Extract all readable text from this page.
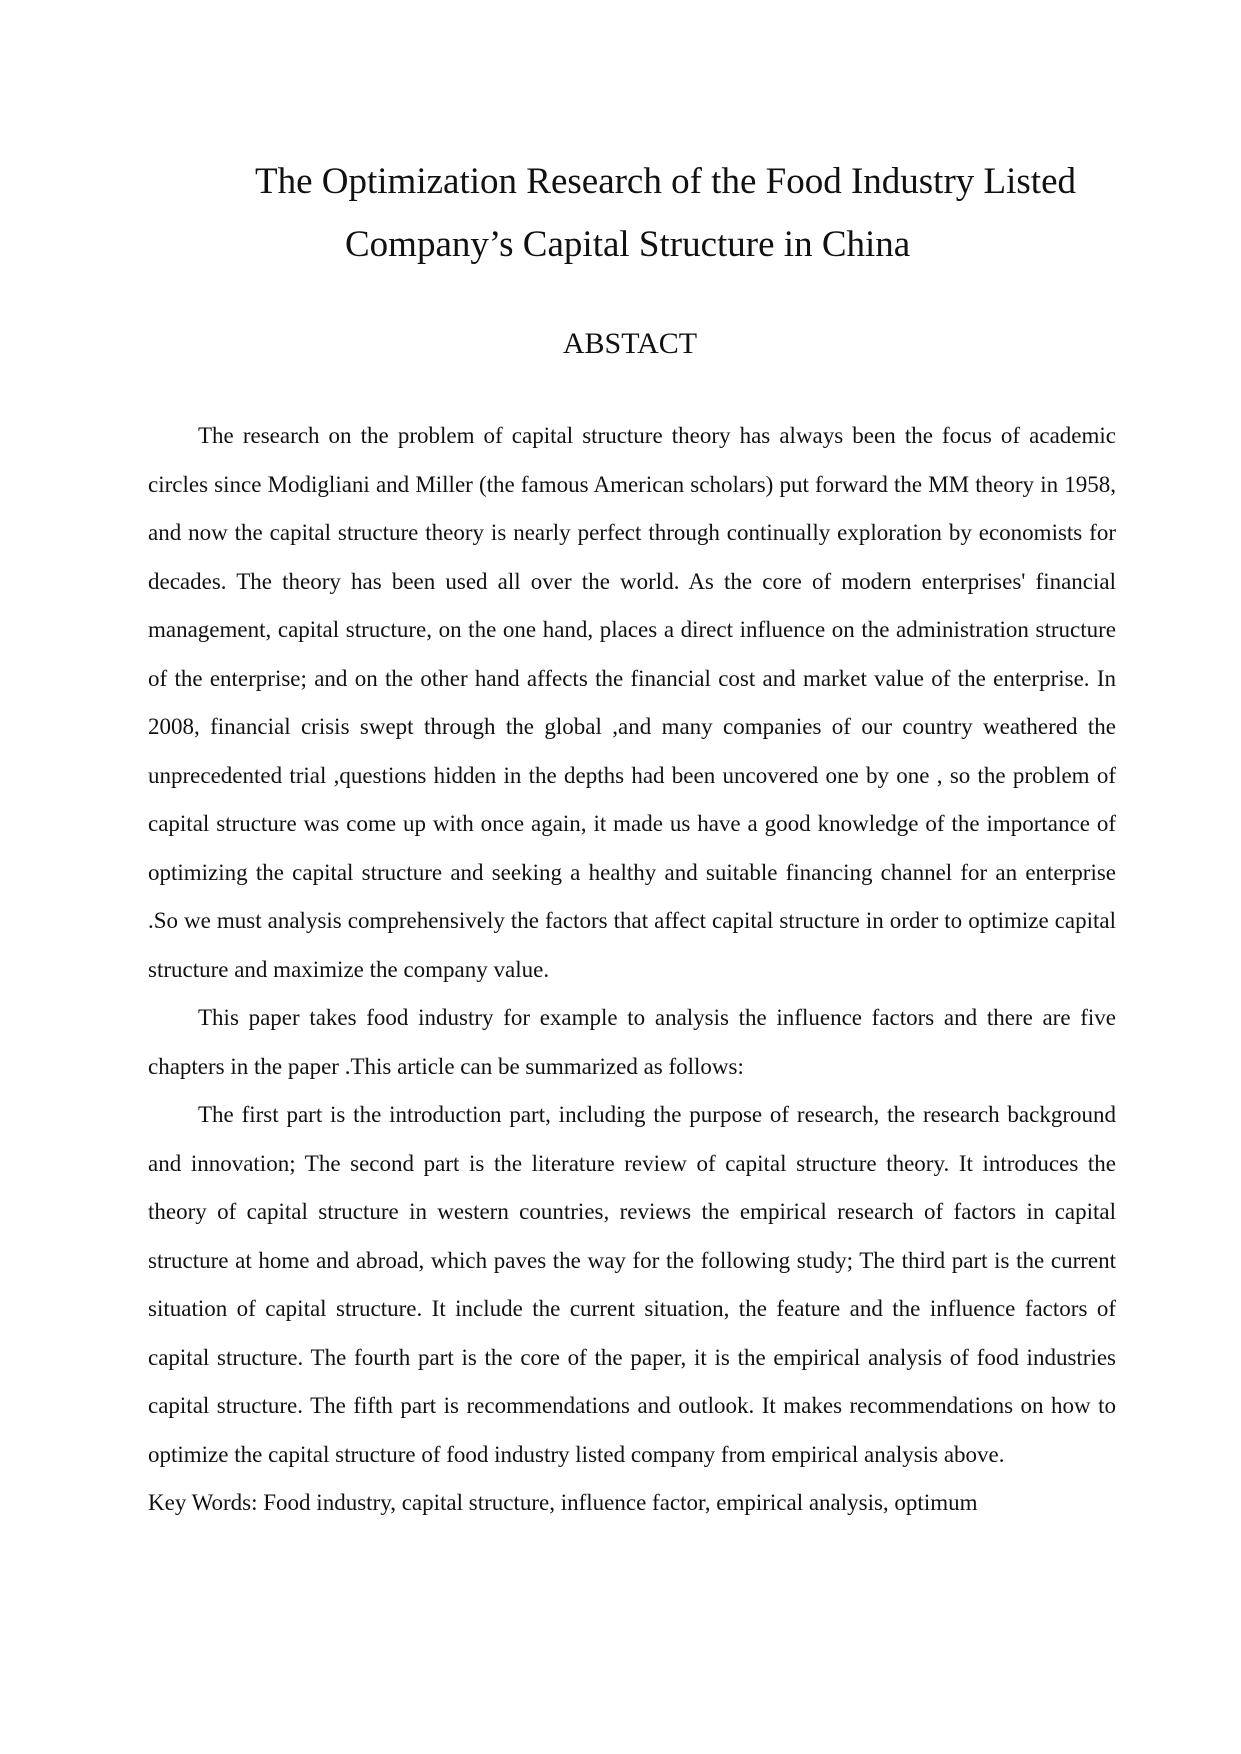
The Optimization Research of the Food Industry Listed
Company’s Capital Structure in China
ABSTACT

The research on the problem of capital structure theory has always been the focus of academic circles since Modigliani and Miller (the famous American scholars) put forward the MM theory in 1958, and now the capital structure theory is nearly perfect through continually exploration by economists for decades. The theory has been used all over the world. As the core of modern enterprises' financial management, capital structure, on the one hand, places a direct influence on the administration structure of the enterprise; and on the other hand affects the financial cost and market value of the enterprise. In 2008, financial crisis swept through the global ,and many companies of our country weathered the unprecedented trial ,questions hidden in the depths had been uncovered one by one , so the problem of capital structure was come up with once again, it made us have a good knowledge of the importance of optimizing the capital structure and seeking a healthy and suitable financing channel for an enterprise .So we must analysis comprehensively the factors that affect capital structure in order to optimize capital structure and maximize the company value.

This paper takes food industry for example to analysis the influence factors and there are five chapters in the paper .This article can be summarized as follows:

The first part is the introduction part, including the purpose of research, the research background and innovation; The second part is the literature review of capital structure theory. It introduces the theory of capital structure in western countries, reviews the empirical research of factors in capital structure at home and abroad, which paves the way for the following study; The third part is the current situation of capital structure. It include the current situation, the feature and the influence factors of capital structure. The fourth part is the core of the paper, it is the empirical analysis of food industries capital structure. The fifth part is recommendations and outlook. It makes recommendations on how to optimize the capital structure of food industry listed company from empirical analysis above.

Key Words: Food industry, capital structure, influence factor, empirical analysis, optimum
